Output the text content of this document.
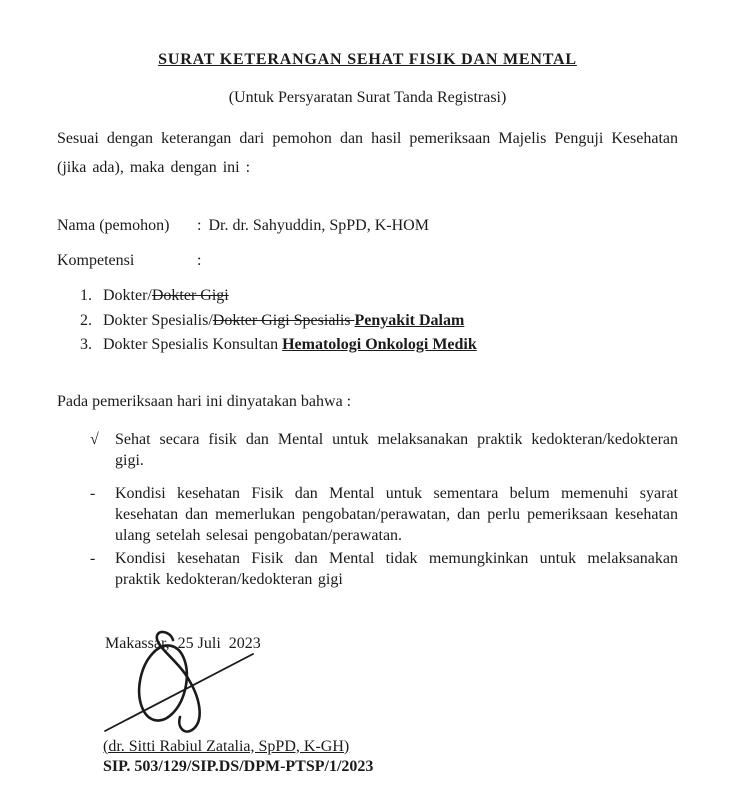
SURAT KETERANGAN SEHAT FISIK DAN MENTAL
(Untuk Persyaratan Surat Tanda Registrasi)
Sesuai dengan keterangan dari pemohon dan hasil pemeriksaan Majelis Penguji Kesehatan (jika ada), maka dengan ini :
Nama (pemohon) : Dr. dr. Sahyuddin, SpPD, K-HOM
Kompetensi	:
1. Dokter/Dokter Gigi
2. Dokter Spesialis/Dokter Gigi Spesialis Penyakit Dalam
3. Dokter Spesialis Konsultan Hematologi Onkologi Medik
Pada pemeriksaan hari ini dinyatakan bahwa :
√	Sehat secara fisik dan Mental untuk melaksanakan praktik kedokteran/kedokteran gigi.
-	Kondisi kesehatan Fisik dan Mental untuk sementara belum memenuhi syarat kesehatan dan memerlukan pengobatan/perawatan, dan perlu pemeriksaan kesehatan ulang setelah selesai pengobatan/perawatan.
-	Kondisi kesehatan Fisik dan Mental tidak memungkinkan untuk melaksanakan praktik kedokteran/kedokteran gigi
Makassar,  25 Juli  2023
(dr. Sitti Rabiul Zatalia, SpPD, K-GH)
SIP. 503/129/SIP.DS/DPM-PTSP/1/2023
